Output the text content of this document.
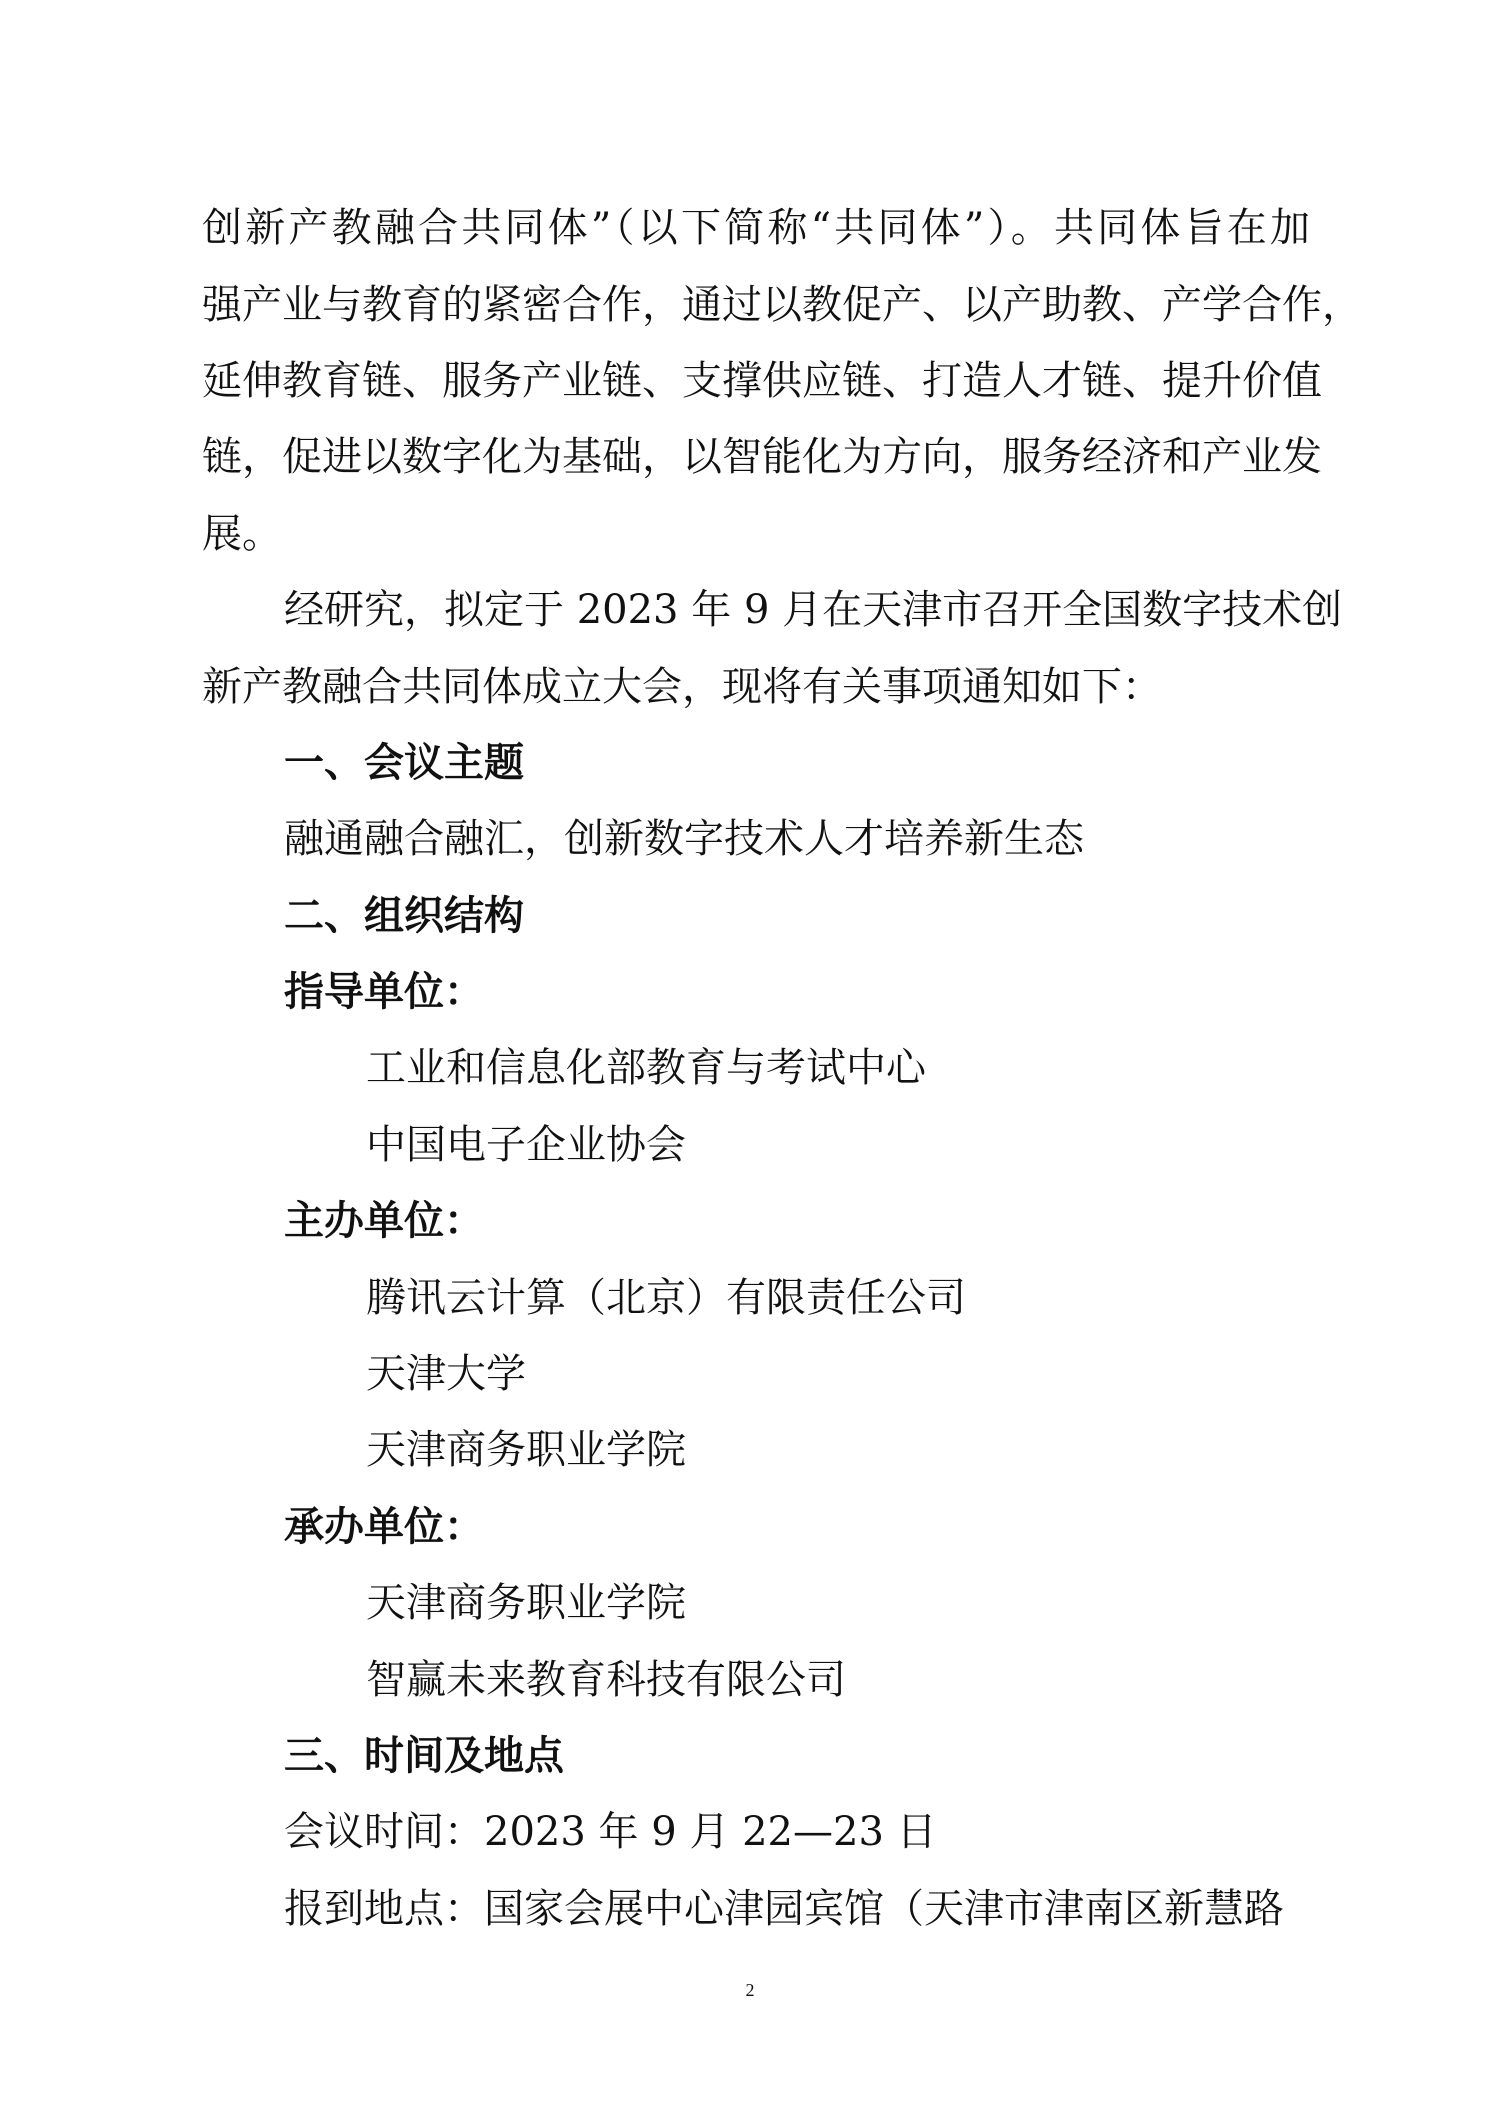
创新产教融合共同体”（以下简称“共同体”）。共同体旨在加
强产业与教育的紧密合作，通过以教促产、以产助教、产学合作，
延伸教育链、服务产业链、支撑供应链、打造人才链、提升价值
链，促进以数字化为基础，以智能化为方向，服务经济和产业发
展。
经研究，拟定于 2023 年 9 月在天津市召开全国数字技术创
新产教融合共同体成立大会，现将有关事项通知如下：
一、会议主题
融通融合融汇，创新数字技术人才培养新生态
二、组织结构
指导单位：
工业和信息化部教育与考试中心
中国电子企业协会
主办单位：
腾讯云计算（北京）有限责任公司
天津大学
天津商务职业学院
承办单位：
天津商务职业学院
智赢未来教育科技有限公司
三、时间及地点
会议时间：2023 年 9 月 22—23 日
报到地点：国家会展中心津园宾馆（天津市津南区新慧路
2
